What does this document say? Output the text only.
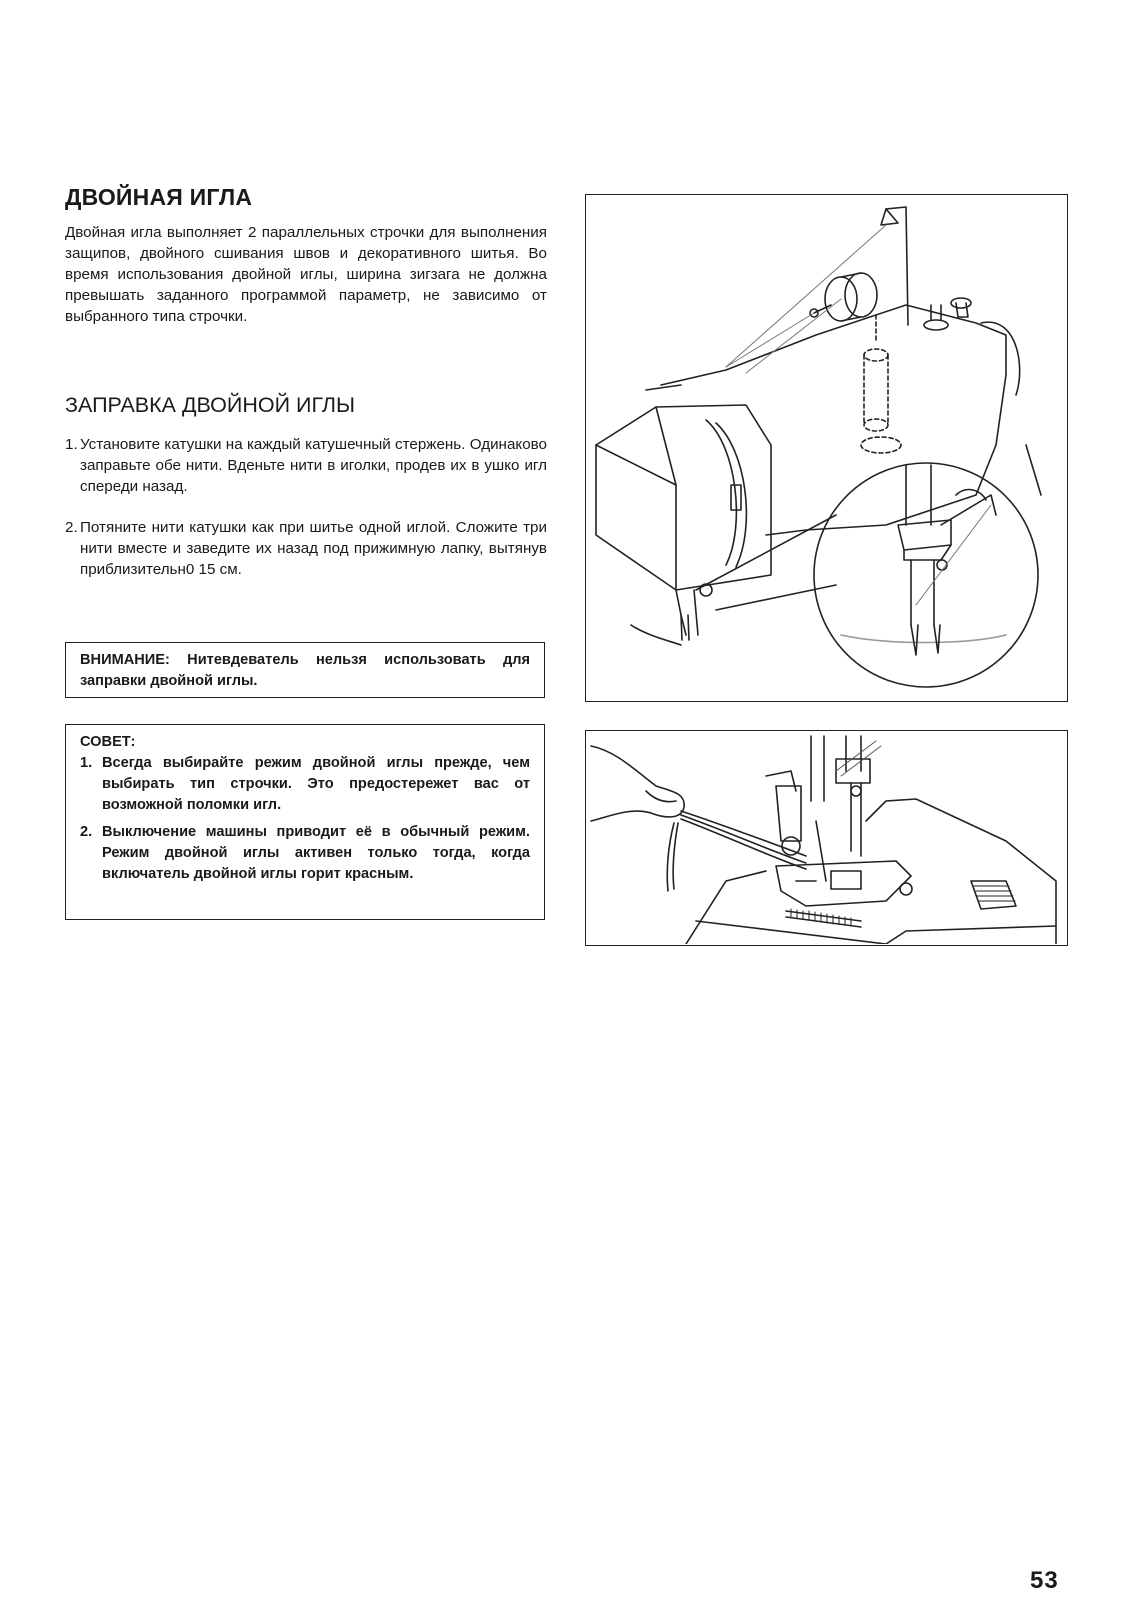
ДВОЙНАЯ ИГЛА

Двойная игла выполняет 2 параллельных строчки для выполнения защипов, двойного сшивания швов и декоративного шитья. Во время использования двойной иглы, ширина зигзага не должна превышать заданного программой параметр, не зависимо от выбранного типа строчки.

ЗАПРАВКА ДВОЙНОЙ ИГЛЫ
1. Установите катушки на каждый катушечный стержень. Одинаково заправьте обе нити. Вденьте нити в иголки, продев их в ушко игл спереди назад.
2. Потяните нити катушки как при шитье одной иглой. Сложите три нити вместе и заведите их назад под прижимную лапку, вытянув приблизительн0 15 см.
ВНИМАНИЕ: Нитевдеватель нельзя использовать для заправки двойной иглы.

СОВЕТ:

1. Всегда выбирайте режим двойной иглы прежде, чем выбирать тип строчки. Это предостережет вас от возможной поломки игл.
2. Выключение машины приводит её в обычный режим. Режим двойной иглы активен только тогда, когда включатель двойной иглы горит красным.

53
